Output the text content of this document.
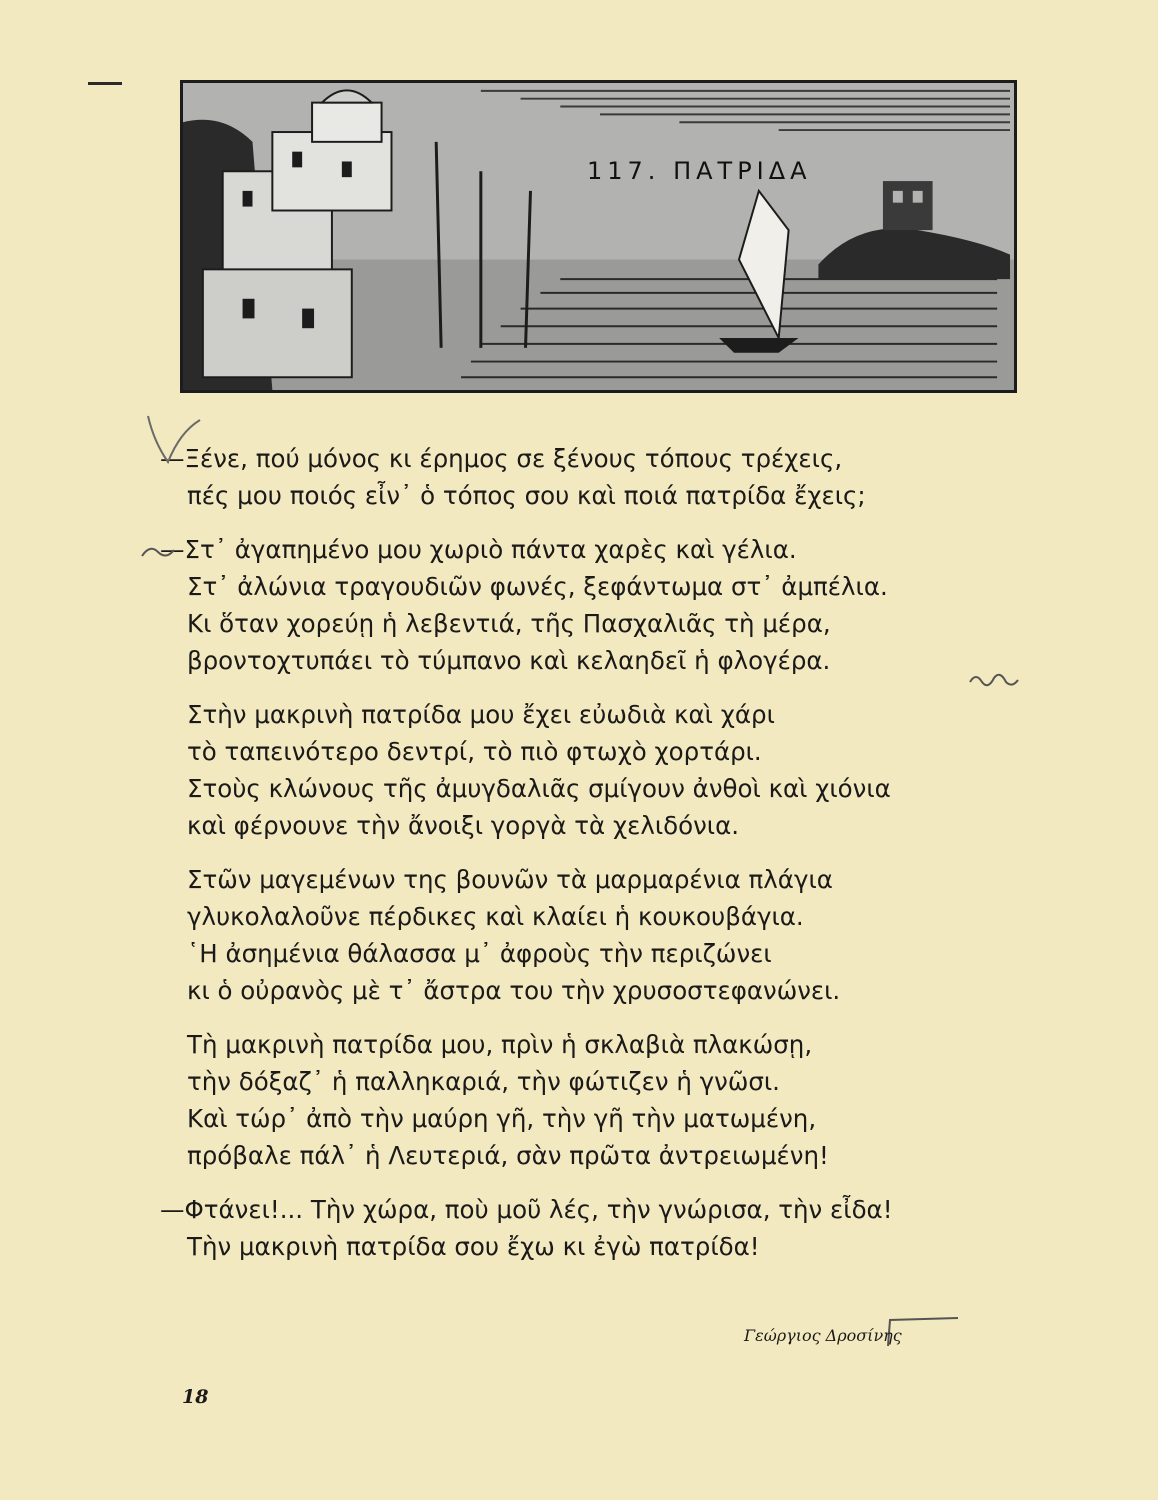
117. ΠΑΤΡΙΔΑ
—Ξένε, πού μόνος κι έρημος σε ξένους τόπους τρέχεις,
πές μου ποιός εἶν᾿ ὁ τόπος σου καὶ ποιά πατρίδα ἔχεις;
—Στ᾿ ἀγαπημένο μου χωριὸ πάντα χαρὲς καὶ γέλια.
Στ᾿ ἀλώνια τραγουδιῶν φωνές, ξεφάντωμα στ᾿ ἀμπέλια.
Κι ὅταν χορεύῃ ἡ λεβεντιά, τῆς Πασχαλιᾶς τὴ μέρα,
βροντοχτυπάει τὸ τύμπανο καὶ κελαηδεῖ ἡ φλογέρα.
Στὴν μακρινὴ πατρίδα μου ἔχει εὐωδιὰ καὶ χάρι
τὸ ταπεινότερο δεντρί, τὸ πιὸ φτωχὸ χορτάρι.
Στοὺς κλώνους τῆς ἀμυγδαλιᾶς σμίγουν ἀνθοὶ καὶ χιόνια
καὶ φέρνουνε τὴν ἄνοιξι γοργὰ τὰ χελιδόνια.
Στῶν μαγεμένων της βουνῶν τὰ μαρμαρένια πλάγια
γλυκολαλοῦνε πέρδικες καὶ κλαίει ἡ κουκουβάγια.
῾Η ἀσημένια θάλασσα μ᾿ ἀφροὺς τὴν περιζώνει
κι ὁ οὐρανὸς μὲ τ᾿ ἄστρα του τὴν χρυσοστεφανώνει.
Τὴ μακρινὴ πατρίδα μου, πρὶν ἡ σκλαβιὰ πλακώσῃ,
τὴν δόξαζ᾿ ἡ παλληκαριά, τὴν φώτιζεν ἡ γνῶσι.
Καὶ τώρ᾿ ἀπὸ τὴν μαύρη γῆ, τὴν γῆ τὴν ματωμένη,
πρόβαλε πάλ᾿ ἡ Λευτεριά, σὰν πρῶτα ἀντρειωμένη!
—Φτάνει!... Τὴν χώρα, ποὺ μοῦ λές, τὴν γνώρισα, τὴν εἶδα!
Τὴν μακρινὴ πατρίδα σου ἔχω κι ἐγὼ πατρίδα!
Γεώργιος Δροσίνης
18
